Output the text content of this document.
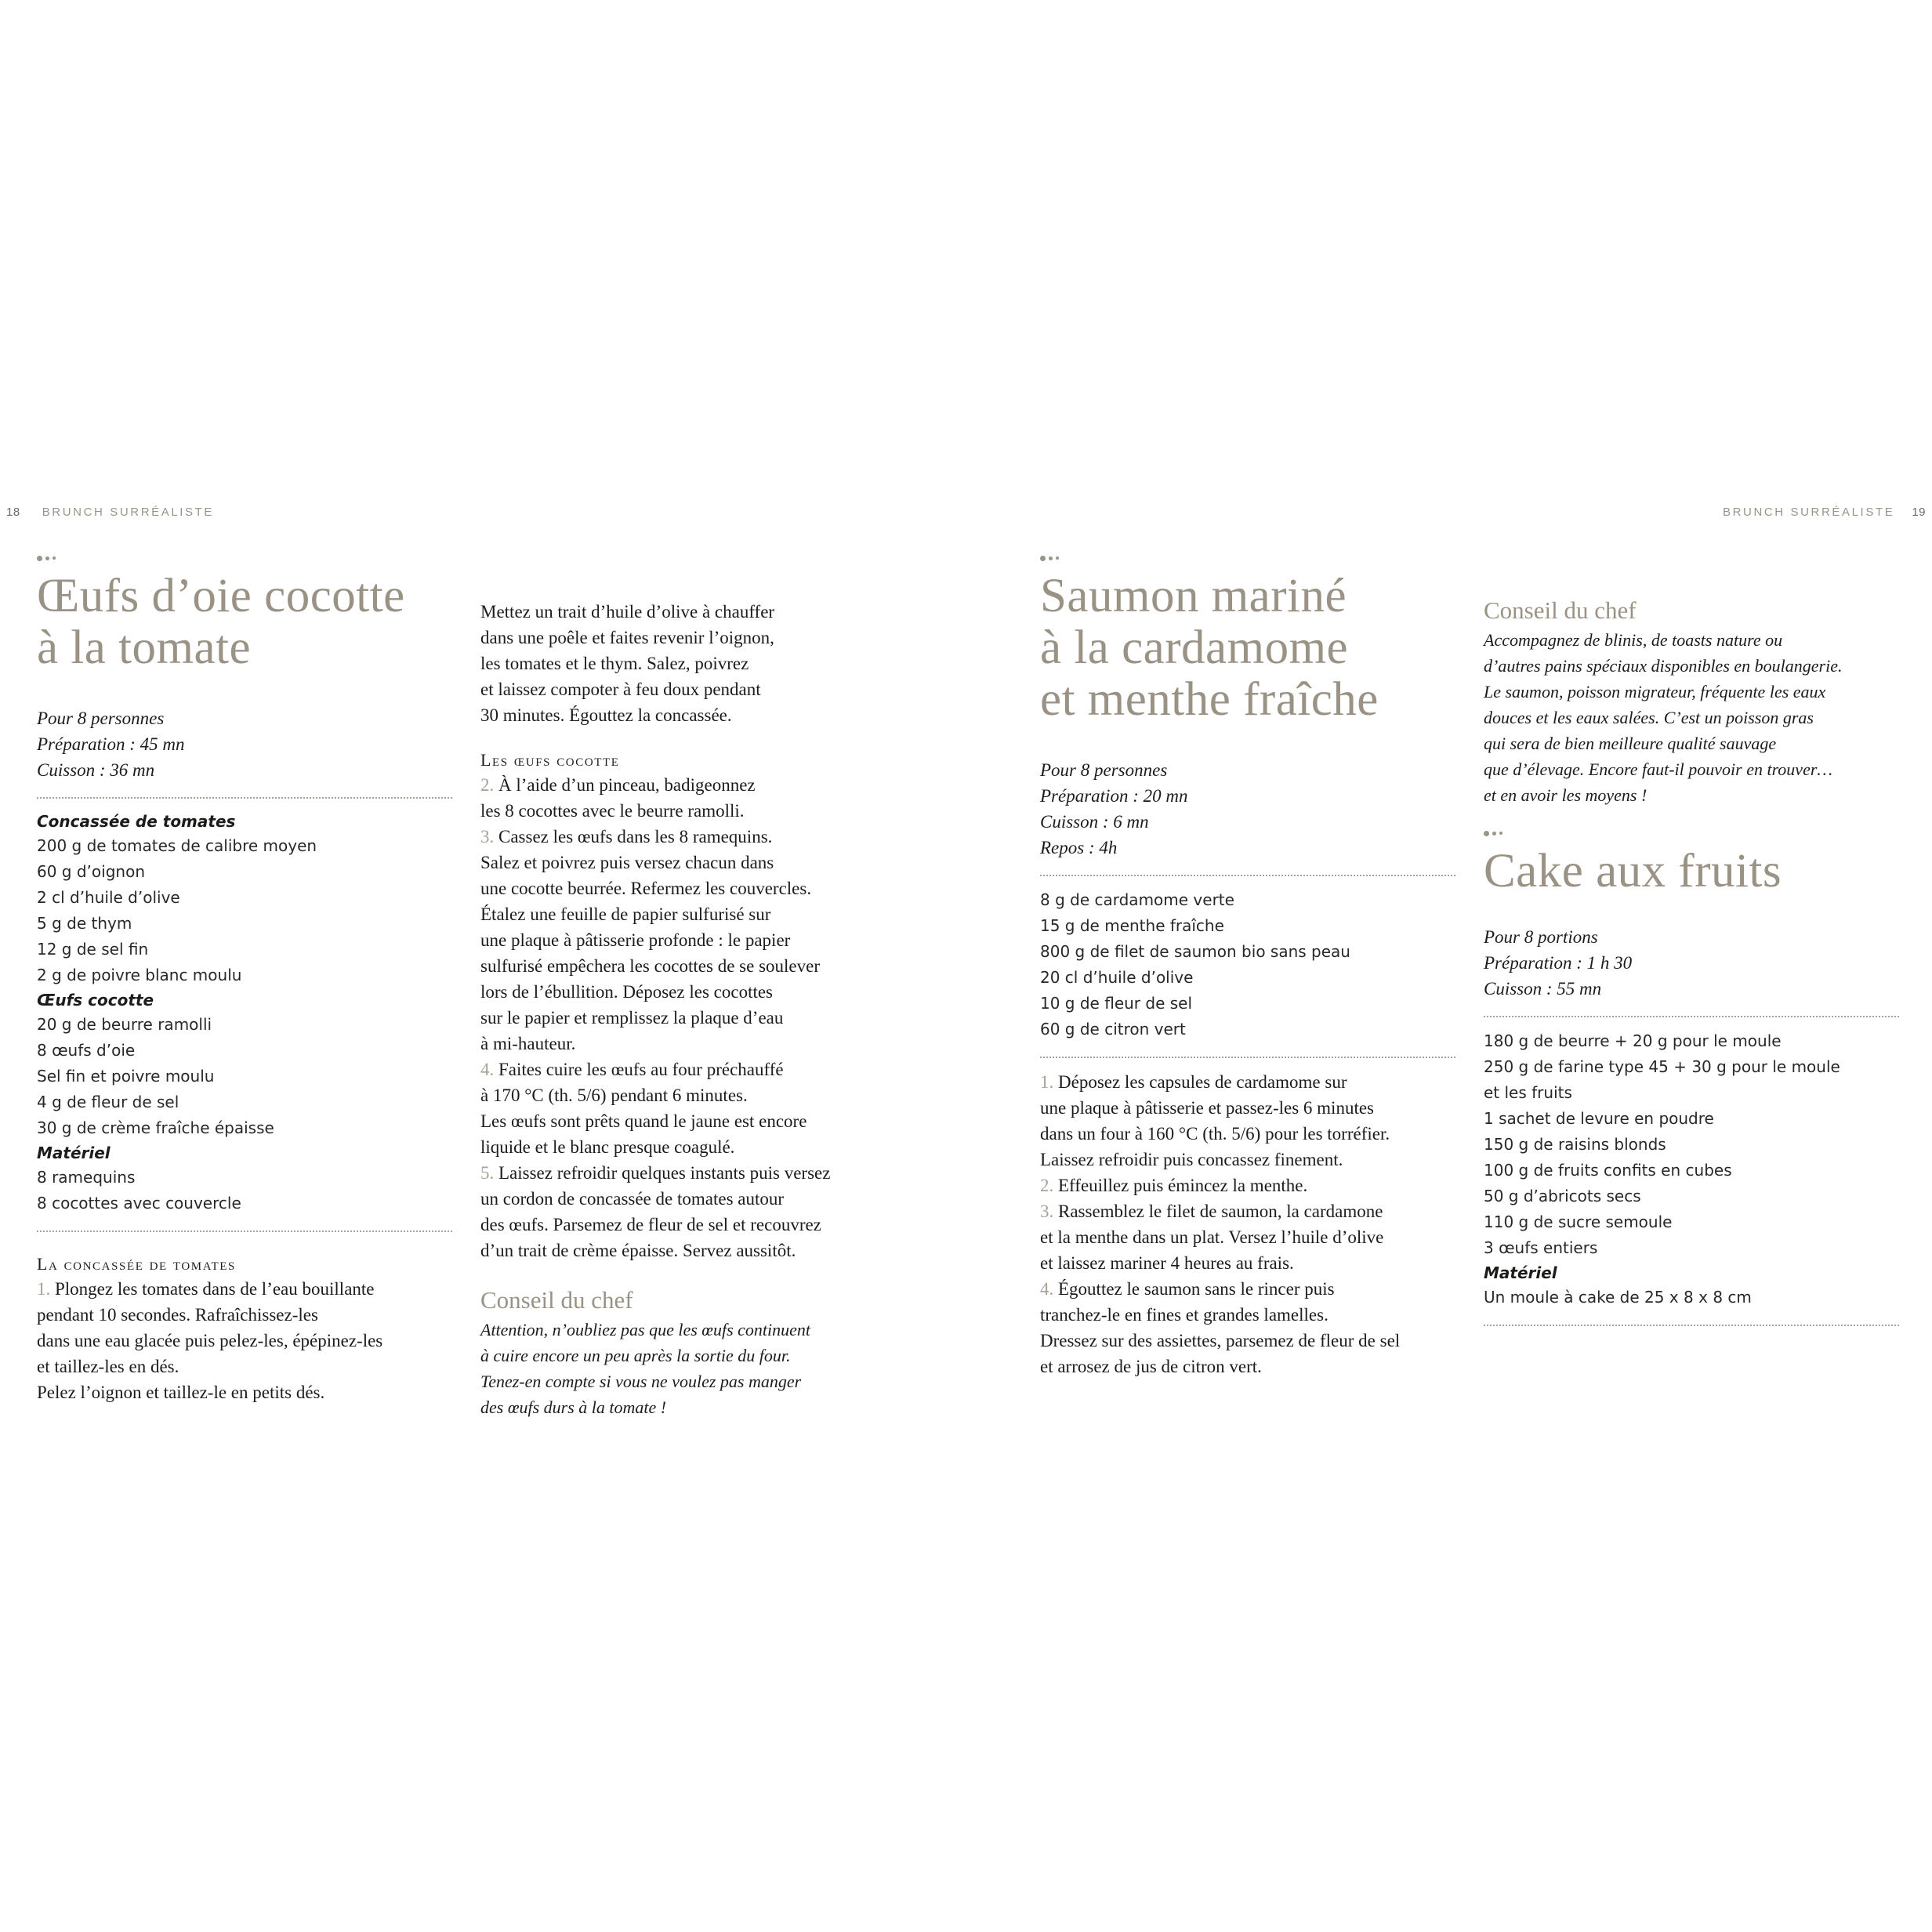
18 BRUNCH SURRÉALISTE	BRUNCH SURRÉALISTE 19
Œufs d’oie cocotte
à la tomate
Pour 8 personnes
Préparation : 45 mn
Cuisson : 36 mn
Concassée de tomates
200 g de tomates de calibre moyen
60 g d’oignon
2 cl d’huile d’olive
5 g de thym
12 g de sel fin
2 g de poivre blanc moulu
Œufs cocotte
20 g de beurre ramolli
8 œufs d’oie
Sel fin et poivre moulu
4 g de fleur de sel
30 g de crème fraîche épaisse
Matériel
8 ramequins
8 cocottes avec couvercle
La concassée de tomates
1. Plongez les tomates dans de l’eau bouillante
pendant 10 secondes. Rafraîchissez-les
dans une eau glacée puis pelez-les, épépinez-les
et taillez-les en dés.
Pelez l’oignon et taillez-le en petits dés.
Mettez un trait d’huile d’olive à chauffer
dans une poêle et faites revenir l’oignon,
les tomates et le thym. Salez, poivrez
et laissez compoter à feu doux pendant
30 minutes. Égouttez la concassée.
Les œufs cocotte
2. À l’aide d’un pinceau, badigeonnez
les 8 cocottes avec le beurre ramolli.
3. Cassez les œufs dans les 8 ramequins.
Salez et poivrez puis versez chacun dans
une cocotte beurrée. Refermez les couvercles.
Étalez une feuille de papier sulfurisé sur
une plaque à pâtisserie profonde : le papier
sulfurisé empêchera les cocottes de se soulever
lors de l’ébullition. Déposez les cocottes
sur le papier et remplissez la plaque d’eau
à mi-hauteur.
4. Faites cuire les œufs au four préchauffé
à 170 °C (th. 5/6) pendant 6 minutes.
Les œufs sont prêts quand le jaune est encore
liquide et le blanc presque coagulé.
5. Laissez refroidir quelques instants puis versez
un cordon de concassée de tomates autour
des œufs. Parsemez de fleur de sel et recouvrez
d’un trait de crème épaisse. Servez aussitôt.
Conseil du chef
Attention, n’oubliez pas que les œufs continuent
à cuire encore un peu après la sortie du four.
Tenez-en compte si vous ne voulez pas manger
des œufs durs à la tomate !
Saumon mariné
à la cardamome
et menthe fraîche
Pour 8 personnes
Préparation : 20 mn
Cuisson : 6 mn
Repos : 4h
8 g de cardamome verte
15 g de menthe fraîche
800 g de filet de saumon bio sans peau
20 cl d’huile d’olive
10 g de fleur de sel
60 g de citron vert
1. Déposez les capsules de cardamome sur
une plaque à pâtisserie et passez-les 6 minutes
dans un four à 160 °C (th. 5/6) pour les torréfier.
Laissez refroidir puis concassez finement.
2. Effeuillez puis émincez la menthe.
3. Rassemblez le filet de saumon, la cardamone
et la menthe dans un plat. Versez l’huile d’olive
et laissez mariner 4 heures au frais.
4. Égouttez le saumon sans le rincer puis
tranchez-le en fines et grandes lamelles.
Dressez sur des assiettes, parsemez de fleur de sel
et arrosez de jus de citron vert.
Conseil du chef
Accompagnez de blinis, de toasts nature ou
d’autres pains spéciaux disponibles en boulangerie.
Le saumon, poisson migrateur, fréquente les eaux
douces et les eaux salées. C’est un poisson gras
qui sera de bien meilleure qualité sauvage
que d’élevage. Encore faut-il pouvoir en trouver…
et en avoir les moyens !
Cake aux fruits
Pour 8 portions
Préparation : 1 h 30
Cuisson : 55 mn
180 g de beurre + 20 g pour le moule
250 g de farine type 45 + 30 g pour le moule
et les fruits
1 sachet de levure en poudre
150 g de raisins blonds
100 g de fruits confits en cubes
50 g d’abricots secs
110 g de sucre semoule
3 œufs entiers
Matériel
Un moule à cake de 25 x 8 x 8 cm
